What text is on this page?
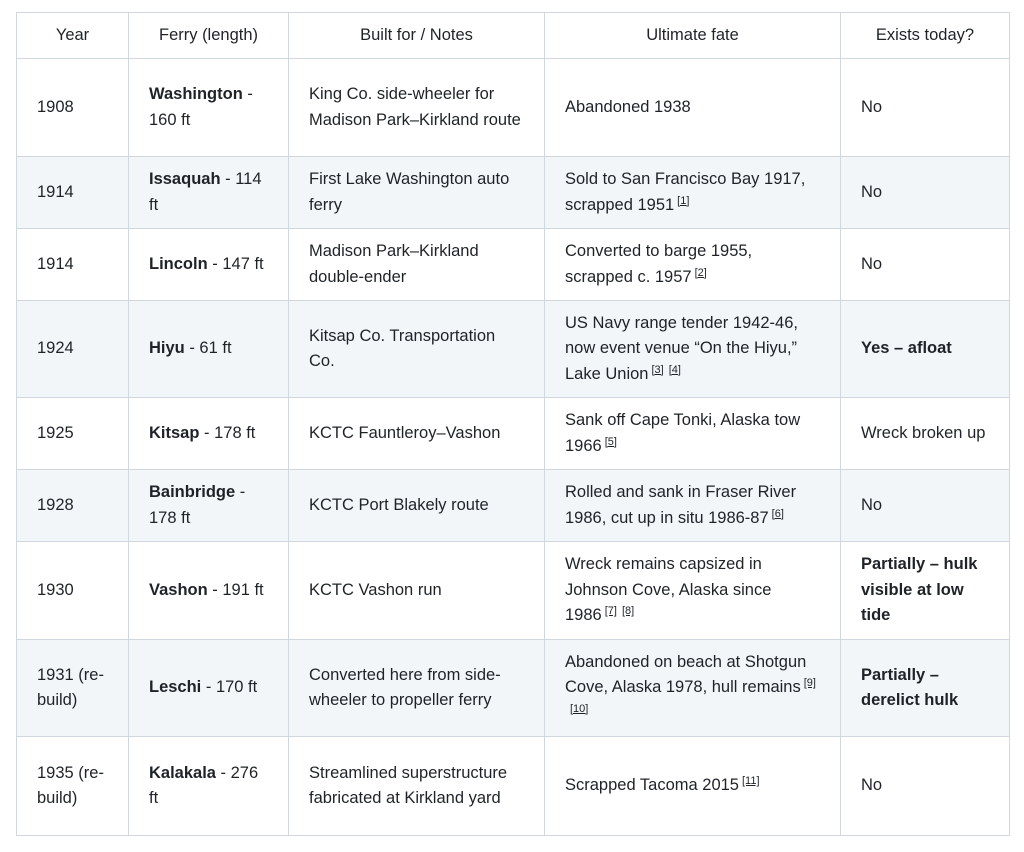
Year	Ferry (length)	Built for / Notes	Ultimate fate	Exists today?
1908	Washington - 160 ft	King Co. side-wheeler for Madison Park–Kirkland route	Abandoned 1938	No
1914	Issaquah - 114 ft	First Lake Washington auto ferry	Sold to San Francisco Bay 1917, scrapped 1951 [1]	No
1914	Lincoln - 147 ft	Madison Park–Kirkland double-ender	Converted to barge 1955, scrapped c. 1957 [2]	No
1924	Hiyu - 61 ft	Kitsap Co. Transportation Co.	US Navy range tender 1942-46, now event venue “On the Hiyu,” Lake Union [3] [4]	Yes – afloat
1925	Kitsap - 178 ft	KCTC Fauntleroy–Vashon	Sank off Cape Tonki, Alaska tow 1966 [5]	Wreck broken up
1928	Bainbridge - 178 ft	KCTC Port Blakely route	Rolled and sank in Fraser River 1986, cut up in situ 1986-87 [6]	No
1930	Vashon - 191 ft	KCTC Vashon run	Wreck remains capsized in Johnson Cove, Alaska since 1986 [7] [8]	Partially – hulk visible at low tide
1931 (re-build)	Leschi - 170 ft	Converted here from side-wheeler to propeller ferry	Abandoned on beach at Shotgun Cove, Alaska 1978, hull remains [9][10]	Partially – derelict hulk
1935 (re-build)	Kalakala - 276 ft	Streamlined superstructure fabricated at Kirkland yard	Scrapped Tacoma 2015 [11]	No
